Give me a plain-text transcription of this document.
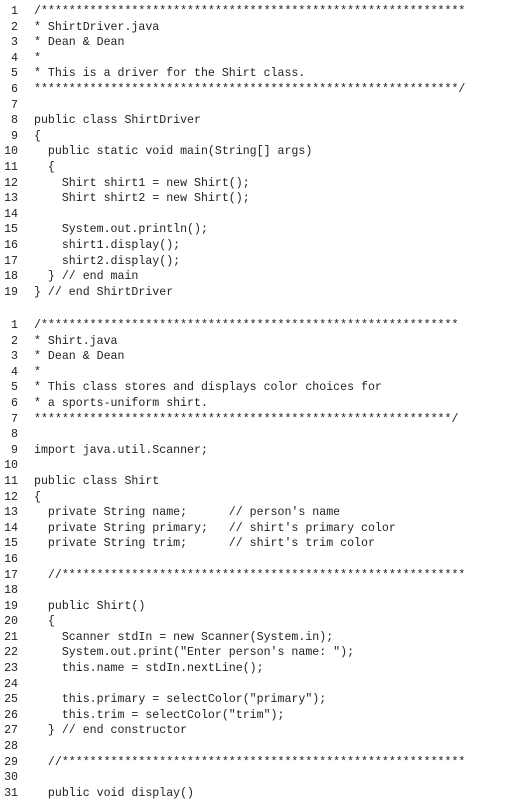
1 /*************************************************************
2 * ShirtDriver.java
3 * Dean & Dean
4 *
5 * This is a driver for the Shirt class.
6 *************************************************************/
7
8 public class ShirtDriver
9 {
10 public static void main(String[] args)
11 {
12 Shirt shirt1 = new Shirt();
13 Shirt shirt2 = new Shirt();
14
15 System.out.println();
16 shirt1.display();
17 shirt2.display();
18 } // end main
19 } // end ShirtDriver
1 /************************************************************
2 * Shirt.java
3 * Dean & Dean
4 *
5 * This class stores and displays color choices for
6 * a sports-uniform shirt.
7 ************************************************************/
8
9 import java.util.Scanner;
10
11 public class Shirt
12 {
13 private String name;      // person's name
14 private String primary;   // shirt's primary color
15 private String trim;      // shirt's trim color
16
17 //**********************************************************
18
19 public Shirt()
20 {
21 Scanner stdIn = new Scanner(System.in);
22 System.out.print("Enter person's name: ");
23 this.name = stdIn.nextLine();
24
25 this.primary = selectColor("primary");
26 this.trim = selectColor("trim");
27 } // end constructor
28
29 //**********************************************************
30
31 public void display()
